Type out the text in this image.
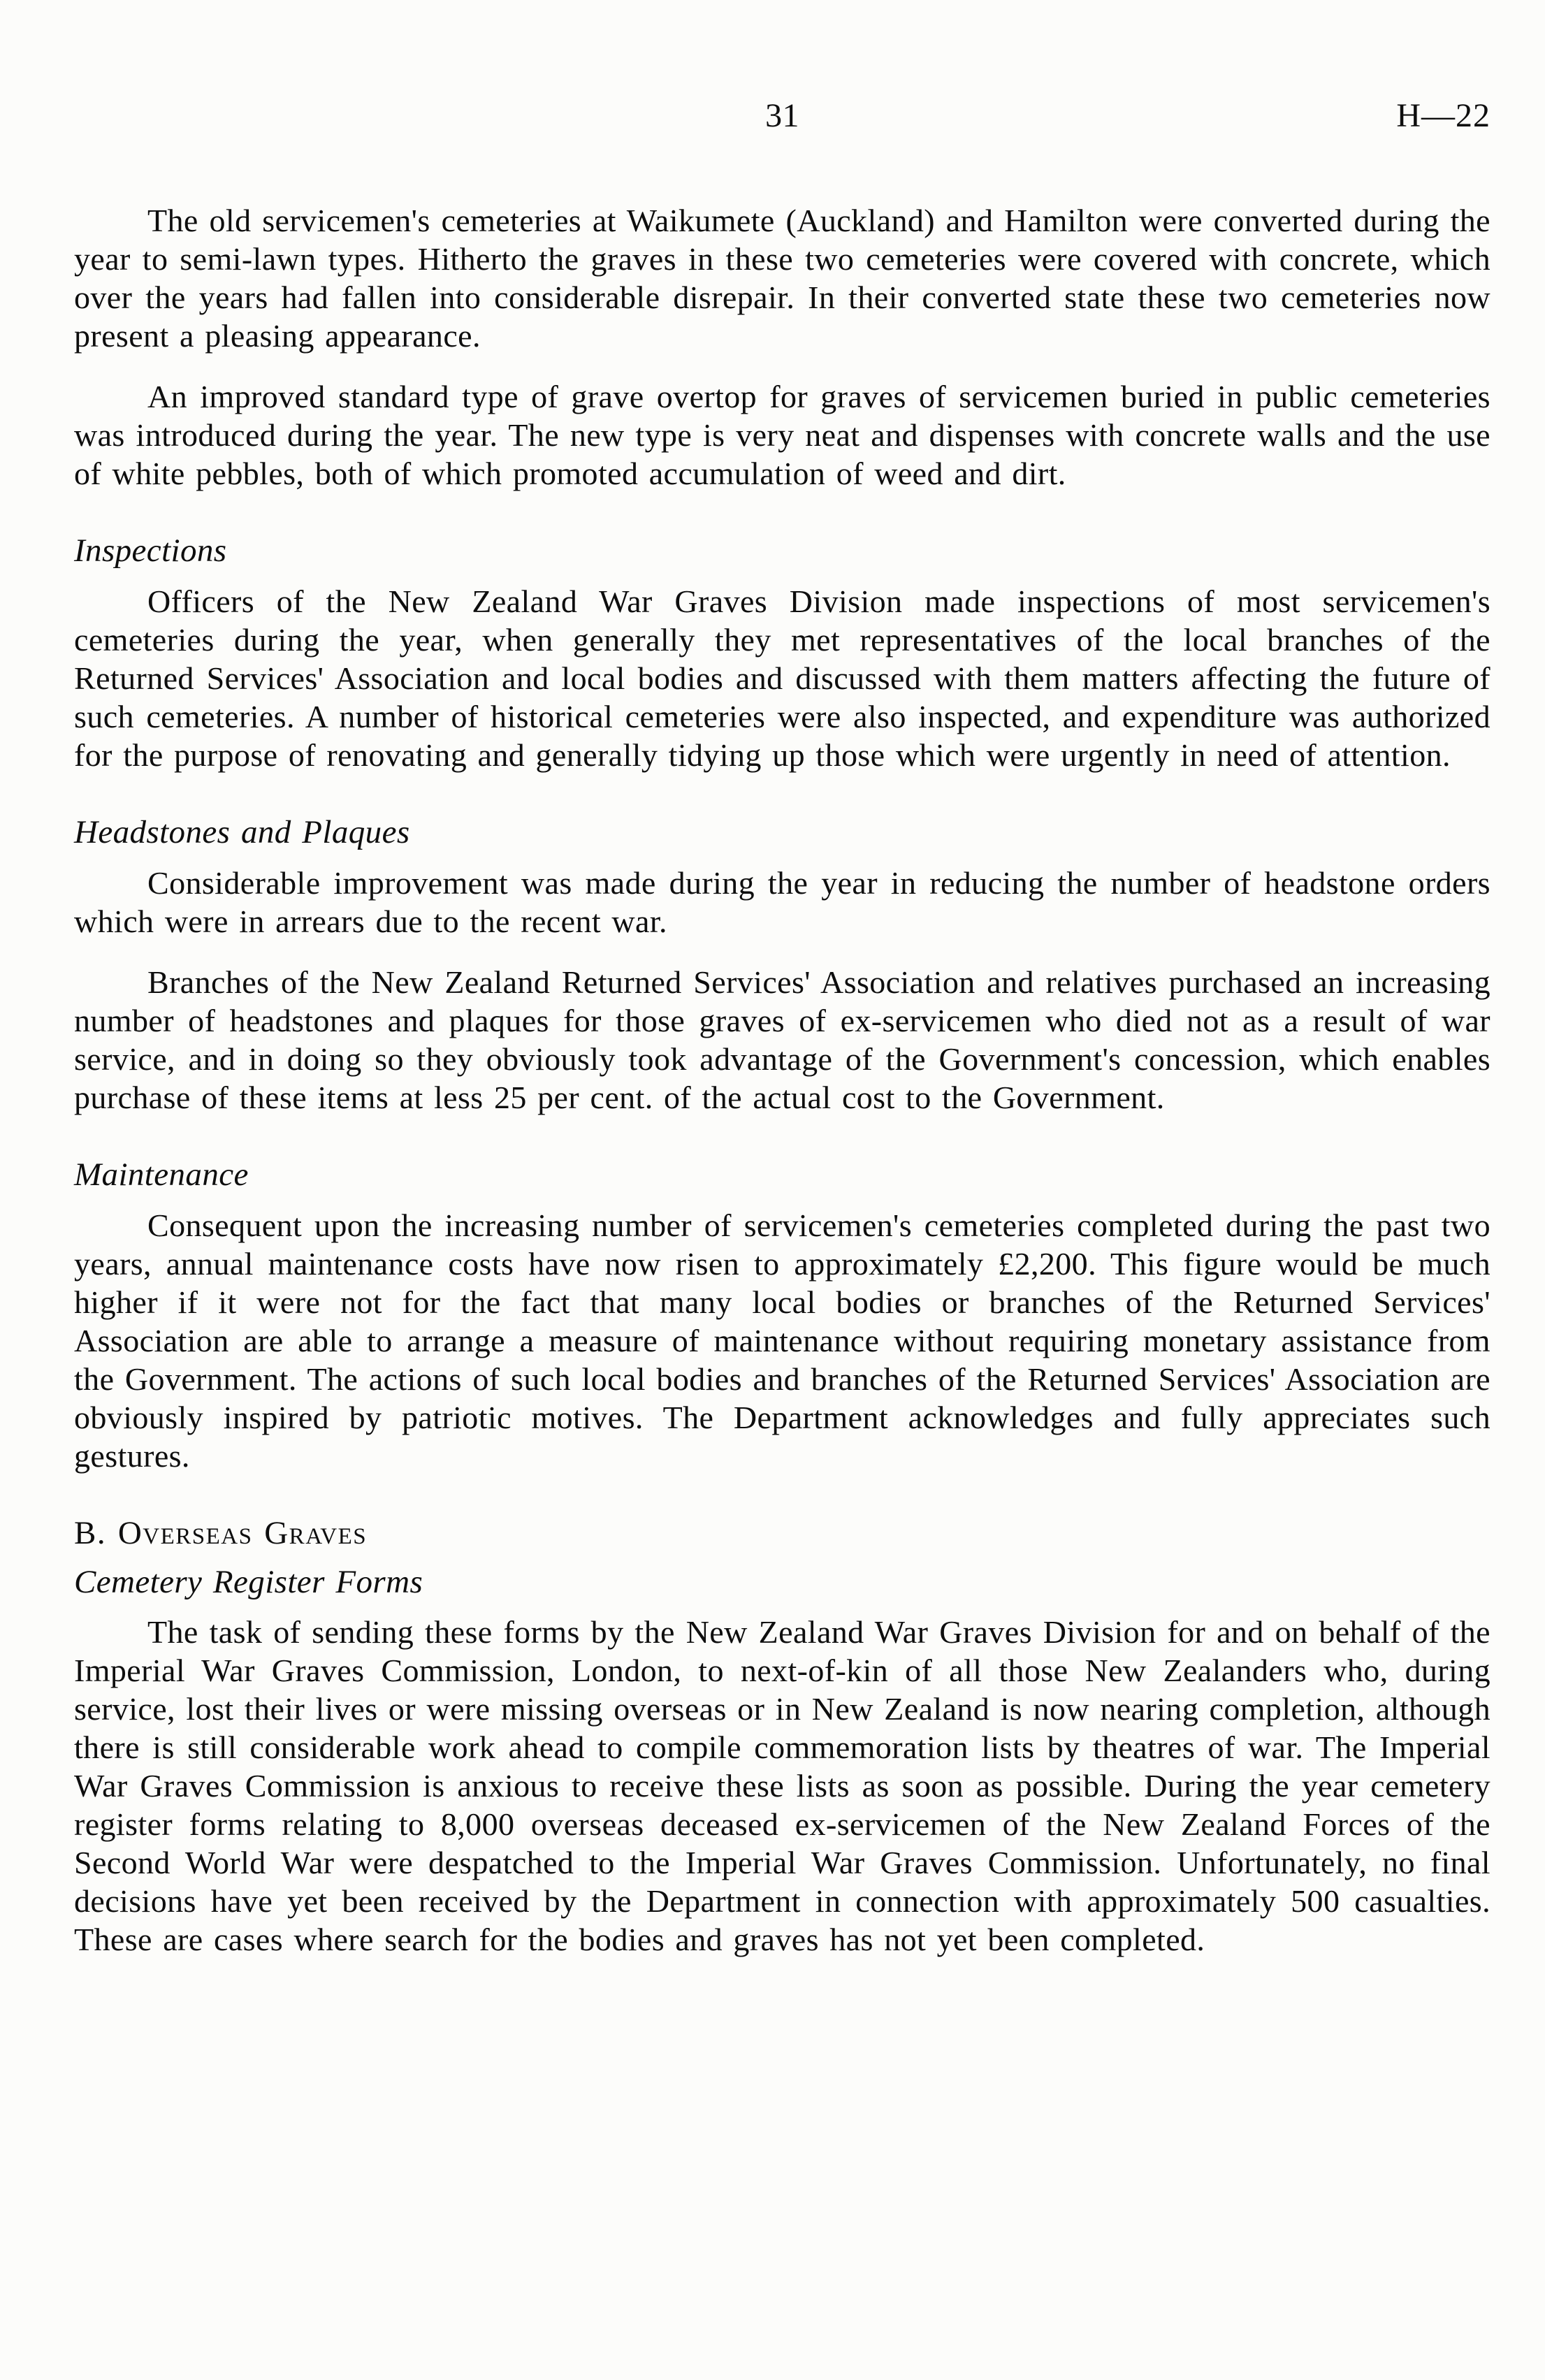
31	H—22

The old servicemen's cemeteries at Waikumete (Auckland) and Hamilton were converted during the year to semi-lawn types. Hitherto the graves in these two cemeteries were covered with concrete, which over the years had fallen into considerable disrepair. In their converted state these two cemeteries now present a pleasing appearance.

An improved standard type of grave overtop for graves of servicemen buried in public cemeteries was introduced during the year. The new type is very neat and dispenses with concrete walls and the use of white pebbles, both of which promoted accumulation of weed and dirt.

Inspections

Officers of the New Zealand War Graves Division made inspections of most servicemen's cemeteries during the year, when generally they met representatives of the local branches of the Returned Services' Association and local bodies and discussed with them matters affecting the future of such cemeteries. A number of historical cemeteries were also inspected, and expenditure was authorized for the purpose of renovating and generally tidying up those which were urgently in need of attention.

Headstones and Plaques

Considerable improvement was made during the year in reducing the number of headstone orders which were in arrears due to the recent war.

Branches of the New Zealand Returned Services' Association and relatives purchased an increasing number of headstones and plaques for those graves of ex-servicemen who died not as a result of war service, and in doing so they obviously took advantage of the Government's concession, which enables purchase of these items at less 25 per cent. of the actual cost to the Government.

Maintenance

Consequent upon the increasing number of servicemen's cemeteries completed during the past two years, annual maintenance costs have now risen to approximately £2,200. This figure would be much higher if it were not for the fact that many local bodies or branches of the Returned Services' Association are able to arrange a measure of maintenance without requiring monetary assistance from the Government. The actions of such local bodies and branches of the Returned Services' Association are obviously inspired by patriotic motives. The Department acknowledges and fully appreciates such gestures.

B. Overseas Graves
Cemetery Register Forms

The task of sending these forms by the New Zealand War Graves Division for and on behalf of the Imperial War Graves Commission, London, to next-of-kin of all those New Zealanders who, during service, lost their lives or were missing overseas or in New Zealand is now nearing completion, although there is still considerable work ahead to compile commemoration lists by theatres of war. The Imperial War Graves Commission is anxious to receive these lists as soon as possible. During the year cemetery register forms relating to 8,000 overseas deceased ex-servicemen of the New Zealand Forces of the Second World War were despatched to the Imperial War Graves Commission. Unfortunately, no final decisions have yet been received by the Department in connection with approximately 500 casualties. These are cases where search for the bodies and graves has not yet been completed.
